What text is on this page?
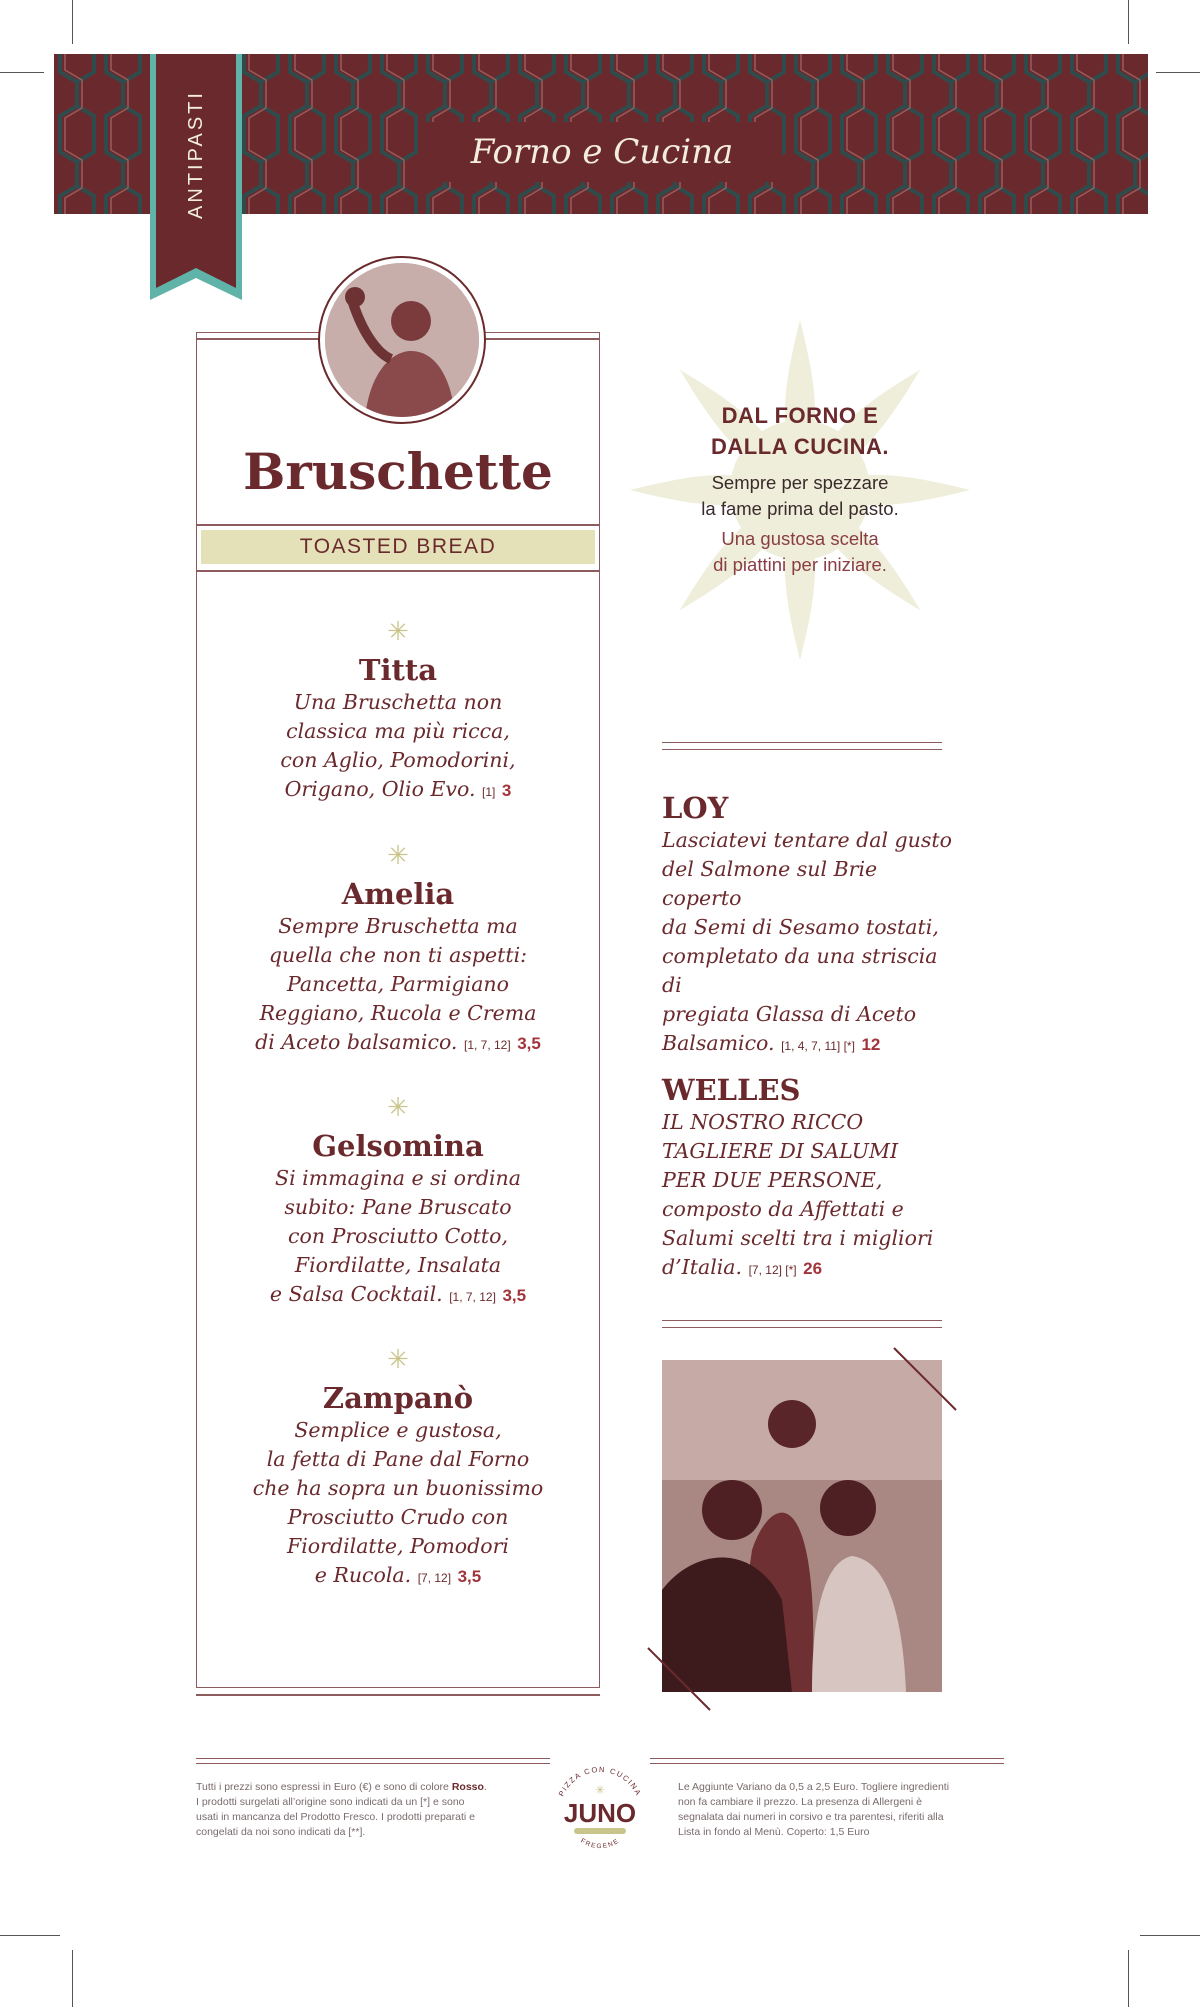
Forno e Cucina
ANTIPASTI
Bruschette
TOASTED BREAD
✳
Titta
Una Bruschetta non
classica ma più ricca,
con Aglio, Pomodorini,
Origano, Olio Evo. [1] 3
✳
Amelia
Sempre Bruschetta ma
quella che non ti aspetti:
Pancetta, Parmigiano
Reggiano, Rucola e Crema
di Aceto balsamico. [1, 7, 12] 3,5
✳
Gelsomina
Si immagina e si ordina
subito: Pane Bruscato
con Prosciutto Cotto,
Fiordilatte, Insalata
e Salsa Cocktail. [1, 7, 12] 3,5
✳
Zampanò
Semplice e gustosa,
la fetta di Pane dal Forno
che ha sopra un buonissimo
Prosciutto Crudo con
Fiordilatte, Pomodori
e Rucola. [7, 12] 3,5
DAL FORNO E
DALLA CUCINA.
Sempre per spezzare
la fame prima del pasto.
Una gustosa scelta
di piattini per iniziare.
LOY
Lasciatevi tentare dal gusto
del Salmone sul Brie coperto
da Semi di Sesamo tostati,
completato da una striscia di
pregiata Glassa di Aceto
Balsamico. [1, 4, 7, 11] [*] 12
WELLES
IL NOSTRO RICCO
TAGLIERE DI SALUMI
PER DUE PERSONE,
composto da Affettati e
Salumi scelti tra i migliori
d’Italia. [7, 12] [*] 26
Tutti i prezzi sono espressi in Euro (€) e sono di colore Rosso.
I prodotti surgelati all’origine sono indicati da un [*] e sono
usati in mancanza del Prodotto Fresco. I prodotti preparati e
congelati da noi sono indicati da [**].
Le Aggiunte Variano da 0,5 a 2,5 Euro. Togliere ingredienti
non fa cambiare il prezzo. La presenza di Allergeni è
segnalata dai numeri in corsivo e tra parentesi, riferiti alla
Lista in fondo al Menù. Coperto: 1,5 Euro
PIZZA CON CUCINA
✳
JUNO
FREGENE
